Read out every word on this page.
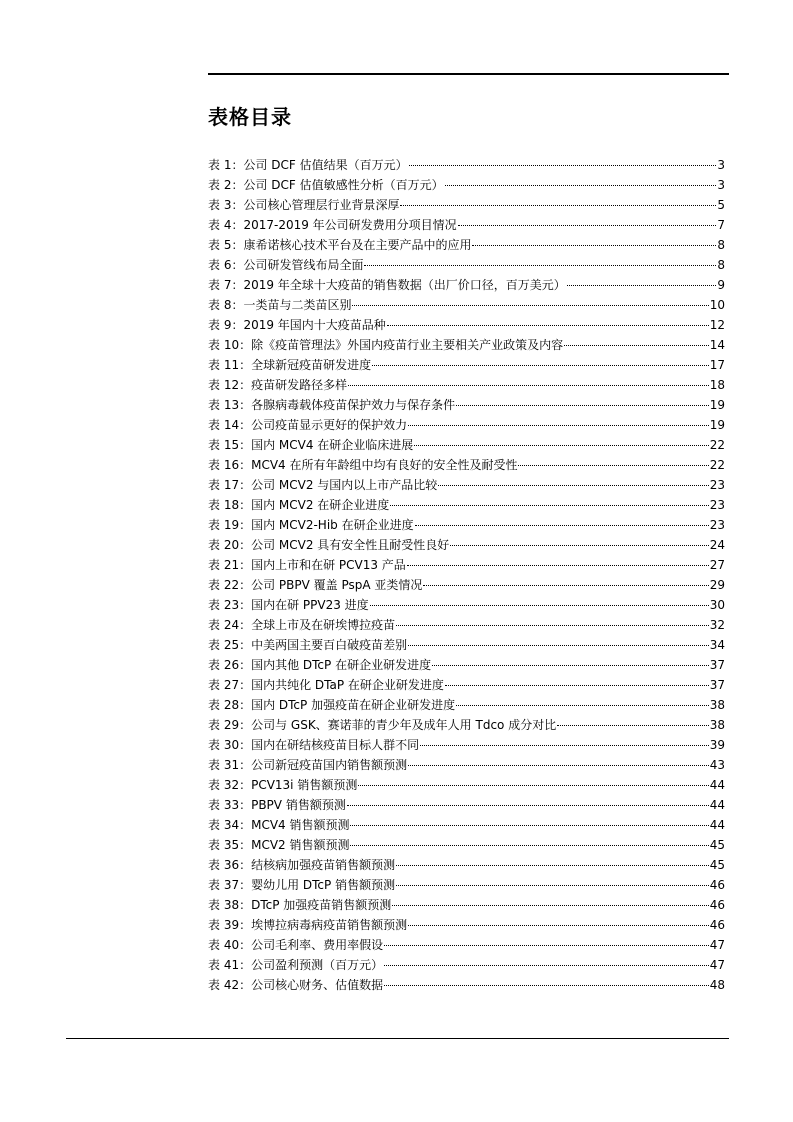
表格目录
表 1：公司 DCF 估值结果（百万元）	3
表 2：公司 DCF 估值敏感性分析（百万元）	3
表 3：公司核心管理层行业背景深厚	5
表 4：2017-2019 年公司研发费用分项目情况	7
表 5：康希诺核心技术平台及在主要产品中的应用	8
表 6：公司研发管线布局全面	8
表 7：2019 年全球十大疫苗的销售数据（出厂价口径，百万美元）	9
表 8：一类苗与二类苗区别	10
表 9：2019 年国内十大疫苗品种	12
表 10：除《疫苗管理法》外国内疫苗行业主要相关产业政策及内容	14
表 11：全球新冠疫苗研发进度	17
表 12：疫苗研发路径多样	18
表 13：各腺病毒载体疫苗保护效力与保存条件	19
表 14：公司疫苗显示更好的保护效力	19
表 15：国内 MCV4 在研企业临床进展	22
表 16：MCV4 在所有年龄组中均有良好的安全性及耐受性	22
表 17：公司 MCV2 与国内以上市产品比较	23
表 18：国内 MCV2 在研企业进度	23
表 19：国内 MCV2-Hib 在研企业进度	23
表 20：公司 MCV2 具有安全性且耐受性良好	24
表 21：国内上市和在研 PCV13 产品	27
表 22：公司 PBPV 覆盖 PspA 亚类情况	29
表 23：国内在研 PPV23 进度	30
表 24：全球上市及在研埃博拉疫苗	32
表 25：中美两国主要百白破疫苗差别	34
表 26：国内其他 DTcP 在研企业研发进度	37
表 27：国内共纯化 DTaP 在研企业研发进度	37
表 28：国内 DTcP 加强疫苗在研企业研发进度	38
表 29：公司与 GSK、赛诺菲的青少年及成年人用 Tdco 成分对比	38
表 30：国内在研结核疫苗目标人群不同	39
表 31：公司新冠疫苗国内销售额预测	43
表 32：PCV13i 销售额预测	44
表 33：PBPV 销售额预测	44
表 34：MCV4 销售额预测	44
表 35：MCV2 销售额预测	45
表 36：结核病加强疫苗销售额预测	45
表 37：婴幼儿用 DTcP 销售额预测	46
表 38：DTcP 加强疫苗销售额预测	46
表 39：埃博拉病毒病疫苗销售额预测	46
表 40：公司毛利率、费用率假设	47
表 41：公司盈利预测（百万元）	47
表 42：公司核心财务、估值数据	48
